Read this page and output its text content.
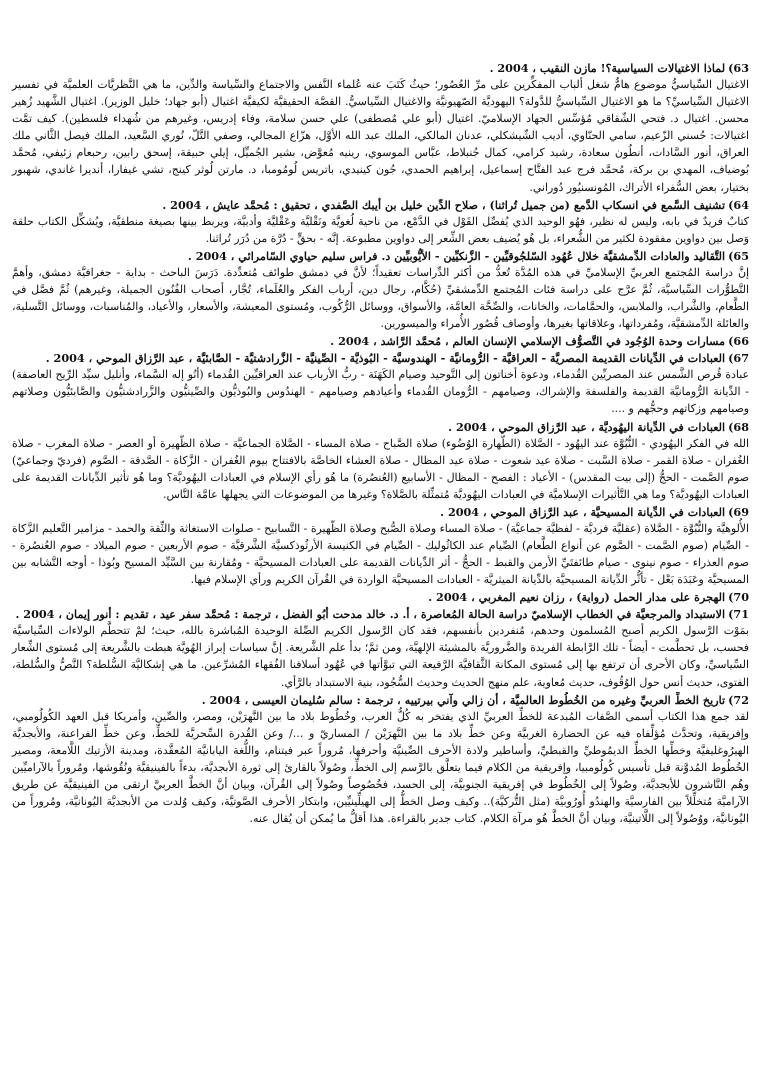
63)لماذا الاغتيالات السياسية؟! مازن النقيب ، 2004 .
الاغتيال السِّياسيُّ موضوع هامٌّ شغل ألباب المفكِّرين على مرِّ العُصُور؛ حيثُ كَتَبَ عنه عُلماء النَّفس والاجتماع والسِّياسة والدِّين، ما هي النَّظريَّات العلميَّة في تفسير الاغتيال السِّياسيِّ؟ ما هو الاغتيال السِّياسيُّ للدَّولة؟ اليهوديَّة الصّهيونيَّة والاغتيال السِّياسيُّ. القصَّة الحقيقيَّة لكيفيَّة اغتيال (أبو جهاد؛ خليل الوزير). اغتيال الشَّهيد زُهير محسن. اغتيال د. فتحي الشّقاقي مُؤسِّس الجهاد الإسلاميّ. اغتيال (أبو علي مُصطفى) علي حسن سلامة، وفاء إدريس، وغيرهم من شُهداء فلسطين). كيف تمَّت اغتيالات: حُسني الزّعيم، سامي الحنّاوي، أديب الشّيشكلي، عدنان المالكي، الملك عبد الله الأوَّل، هزّاع المجالي، وصفي التَّلّ، نُوري السَّعيد، الملك فيصل الثَّاني ملك العراق، أنور السَّادات، أنطُون سعادة، رشيد كرامي، كمال جُنبلاط، عبَّاس الموسوي، رينيه مُعوَّض، بشير الجُميِّل، إيلي حبيقة، إسحق رابين، رحبعام زئيفي، مُحمَّد بُوضياف، المهدي بن بركة، مُحمَّد فرج عبد الفتَّاح إسماعيل، إبراهيم الحمدي، جُون كينيدي، باتريس لُومُومبا، د. مارتن لُوثر كينج، تشي غيفارا، أنديرا غاندي، شهبور بختيار، بعض السُّفراء الأتراك، المُونسنيُور دُوراني.
64)تشنيف السَّمع في انسكاب الدَّمع (من جميل تُراثنا) ، صلاح الدِّين خليل بن أيبك الصَّفدي ، تحقيق : مُحمَّد عايش ، 2004 .
كتابٌ فريدٌ في بابه، وليس له نظير، فهُو الوحيد الذي يُفصِّل القَوْل في الدَّمْع، من ناحية لُغويَّة ونَقْليَّة وعَقْليَّة وأدبيَّة، ويربط بينها بصيغة منطقيَّة، ويُشكِّل الكتاب حلقة وَصل بين دواوين مفقودة لكثير من الشُّعراء، بل هُو يُضيف بعض الشِّعر إلى دواوين مطبوعة. إنَّه - بحقٍّ - دُرَّة من دُرَر تُراثنا.
65)التَّقاليد والعادات الدِّمشقيَّة خلال عُهُود السّلجُوقيِّين - الزَّنكيِّين - الأيُّوبيِّين د. فراس سليم حياوي السّامرائي ، 2004 .
إنَّ دراسة المُجتمع العربيِّ الإسلاميِّ في هذه المُدَّة تُعدُّ من أكثر الدِّراسات تعقيداً؛ لأنَّ في دمشق طوائف مُتعدِّدة. دَرَسَ الباحث - بداية - جغرافيَّة دمشق، وأهمَّ التَّطوُّرات السِّياسيَّة، ثُمَّ عرَّج على دراسة فئات المُجتمع الدِّمشقيِّ (حُكَّام، رجال دين، أرباب الفكر والعُلَماء، تُجَّار، أصحاب الفُنُون الجميلة، وغيرهم) ثُمَّ فصَّل في الطَّعام، والشَّراب، والملابس، والحمَّامات، والخانات، والصِّحَّة العامَّة، والأسواق، ووسائل الرُّكُوب، ومُستوى المعيشة، والأسعار، والأعياد، والمُناسبات، ووسائل التَّسلية، والعائلة الدِّمشقيَّة، ومُفرداتها، وعلاقاتها بغيرها، وأوصاف قُصُور الأُمراء والميسورين.
66)مسارات وحدة الوُجُود في التَّصوُّف الإسلامي الإنسان العالم ، مُحمَّد الرَّاشد ، 2004 .
67)العبادات في الدِّيانات القديمة المصريَّة - العراقيَّة - الرُّومانيَّة - الهندوسيَّة - البُوذيَّة - الصِّينيَّة - الزَّرادشتيَّة - الصَّابئيَّة ، عبد الرَّزاق الموحي ، 2004 .
عبادة قُرص الشَّمس عند المصريِّين القُدماء، ودعوة أخناتون إلى التَّوحيد وصيام الكَهَنَة - ربُّ الأرباب عند العراقيِّين القُدماء (أنُو إله السَّماء، وأنليل سيِّد الرِّيح العاصفة) - الدِّيانة الرُّومانيَّة القديمة والفلسفة والإشراك، وصيامهم - الرُّومان القُدماء وأعيادهم وصيامهم - الهندُوس والبُوذيُّون والصِّينيُّون والزَّرادشتيُّون والصَّابئيُّون وصلاتهم وصيامهم وزكاتهم وحجُّهم و ....
68)العبادات في الدِّيانة اليهُوديَّة ، عبد الرَّزاق الموحي ، 2004 .
الله في الفكر اليهُودي - النُّبُوَّة عند اليهُود - الصَّلاة (الطّهارة الوُضُوء) صلاة الصَّباح - صلاة المساء - الصَّلاة الجماعيَّة - صلاة الظّهيرة أو العصر - صلاة المغرب - صلاة الغُفران - صلاة القمر - صلاة السَّبت - صلاة عيد شعوت - صلاة عيد المظال - صلاة العشاء الخاصَّة بالافتتاح بيوم الغُفران - الزَّكاة - الصَّدقة - الصَّوم (فرديّ وجماعيّ) صوم الصَّمت - الحجُّ (إلى بيت المقدس) - الأعياد : الفصح - المظال - الأسابيع (العُنصُرة) ما هُو رأي الإسلام في العبادات اليهُوديَّة؟ وما هُو تأثير الدِّيانات القديمة على العبادات اليهُوديَّة؟ وما هي التَّأثيرات الإسلاميَّة في العبادات اليهُوديَّة مُتمثِّلة بالصَّلاة؟ وغيرها من الموضوعات التي يجهلها عامَّة النَّاس.
69)العبادات في الدِّيانة المسيحيَّة ، عبد الرَّزاق الموحي ، 2004 .
الأُلوهيَّة والنُّبُوَّة - الصَّلاة (عقليَّة فرديَّة - لفظيَّة جماعيَّة) - صلاة المساء وصلاة الصُّبح وصلاة الظّهيرة - التَّسابيح - صلوات الاستغاثة والثِّقة والحمد - مزامير التَّعليم الزَّكاة - الصِّيام (صوم الصَّمت - الصَّوم عن أنواع الطَّعام) الصِّيام عند الكاثُوليك - الصِّيام في الكنيسة الأرثُوذكسيَّة الشَّرقيَّة - صوم الأربعين - صوم الميلاد - صوم العُنصُرة - صوم العذراء - صوم نينوى - صيام طائفتَيِّ الأرمن والقبط - الحجُّ - أثر الدِّيانات القديمة على العبادات المسيحيَّة - ومُقارنة بين السَّيِّد المسيح وبُوذا - أوجه التَّشابه بين المسيحيَّة وعَبَدَة بَعْل - تأثُّر الدِّيانة المسيحيَّة بالدِّيانة الميثريَّة - العبادات المسيحيَّة الواردة في القُرآن الكريم ورأي الإسلام فيها.
70)الهجرة على مدار الحمل (رواية) ، رزان نعيم المغربي ، 2004 .
71)الاستبداد والمرجعيَّة في الخطاب الإسلاميّ دراسة الحالة المُعاصرة ، أ. د. خالد مدحت أبُو الفضل ، ترجمة : مُحمَّد سفر عيد ، تقديم : أنور إيمان ، 2004 .
بمَوْت الرَّسول الكريم أصبح المُسلمون وحدهم، مُنفردين بأنفسهم، فقد كان الرَّسول الكريم الصِّلة الوحيدة المُباشرة بالله، حيث؛ لمْ تتحطَّم الولاءات السِّياسيَّة فحسب، بل تحطَّمت - أيضاً - تلك الرَّابطة الفريدة والضَّروريَّة بالمشيئة الإلهيَّة، ومن ثمَّ؛ بدأ علم الشَّريعة. إنَّ سياسات إبراز الهُويَّة هبطت بالشَّريعة إلى مُستوى الشِّعار السِّياسيِّ، وكان الأحرى أن ترتفع بها إلى مُستوى المكانة الثَّقافيَّة الرَّفيعة التي تبوَّأتها في عُهُود أسلافنا الفُقهاء المُشرِّعين. ما هي إشكاليَّة السُّلطة؟ النَّصُّ والسُّلطة، الفتوى، حديث أنس حول الوُقُوف، حديث مُعاوية، علم منهج الحديث وحديث السُّجُود، بنية الاستبداد بالرَّأي.
72)تاريخ الخطِّ العربيِّ وغيره من الخُطُوط العالميَّة ، أن زالي وآني بيرتييه ، ترجمة : سالم سُليمان العيسى ، 2004 .
لقد جمع هذا الكتاب أسمى الصَّفات المُبدعة للخطِّ العربيِّ الذي يفتخر به كُلُّ العرب، وخُطُوط بلاد ما بين النَّهرَيْن، ومصر، والصِّين، وأمريكا قبل العهد الكُولُومبي، وإفريقية، وتحدَّث مُؤلِّفاه فيه عن الحضارة الغربيَّة وعن خطِّ بلاد ما بين النَّهرَيْن / المساريّ و .../ وعن القُدرة السِّحريَّة للخطِّ، وعن خطِّ الفراعنة، والأبجديَّة الهيرُوغليفيَّة وخطِّها الخطِّ الديمُوطيِّ والقبطيِّ، وأساطير ولادة الأحرف الصِّينيَّة وأحرفها، مُروراً عبر فيتنام، واللُّغة اليابانيَّة المُعقَّدة، ومدينة الأزتيك اللَّامعة، ومصير الخُطُوط المُدوَّنة قبل تأسيس كُولُومبيا، وإفريقية من الكلام فيما يتعلَّق بالرَّسم إلى الخطِّ، وصُولاً بالقارئ إلى ثورة الأبجديَّة، بدءاً بالفينيقيَّة ونُقُوشها، ومُروراً بالآراميِّين وهُم النَّاشرون للأبجديَّة، وصُولاً إلى الخُطُوط في إفريقية الجنوبيَّة، إلى الحسد، فخُصُوصاً وصُولاً إلى القُرآن، وبيان أنَّ الخطَّ العربيَّ ارتقى من الفينيقيَّة عن طريق الآراميَّة مُتخلِّلاً بين الفارسيَّة والهندُو أُورُوبيَّة (مثل التُّركيَّة).. وكيف وصل الخطُّ إلى الهيلِّينيِّين، وابتكار الأحرف الصَّوتيَّة، وكيف وُلدت من الأبجديَّة اليُونانيَّة، ومُروراً من اليُونانيَّة، ووُصُولاً إلى اللَّاتينيَّة، وبيان أنَّ الخطَّ هُو مرآة الكلام. كتاب جدير بالقراءة. هذا أقلُّ ما يُمكن أن يُقال عنه.
